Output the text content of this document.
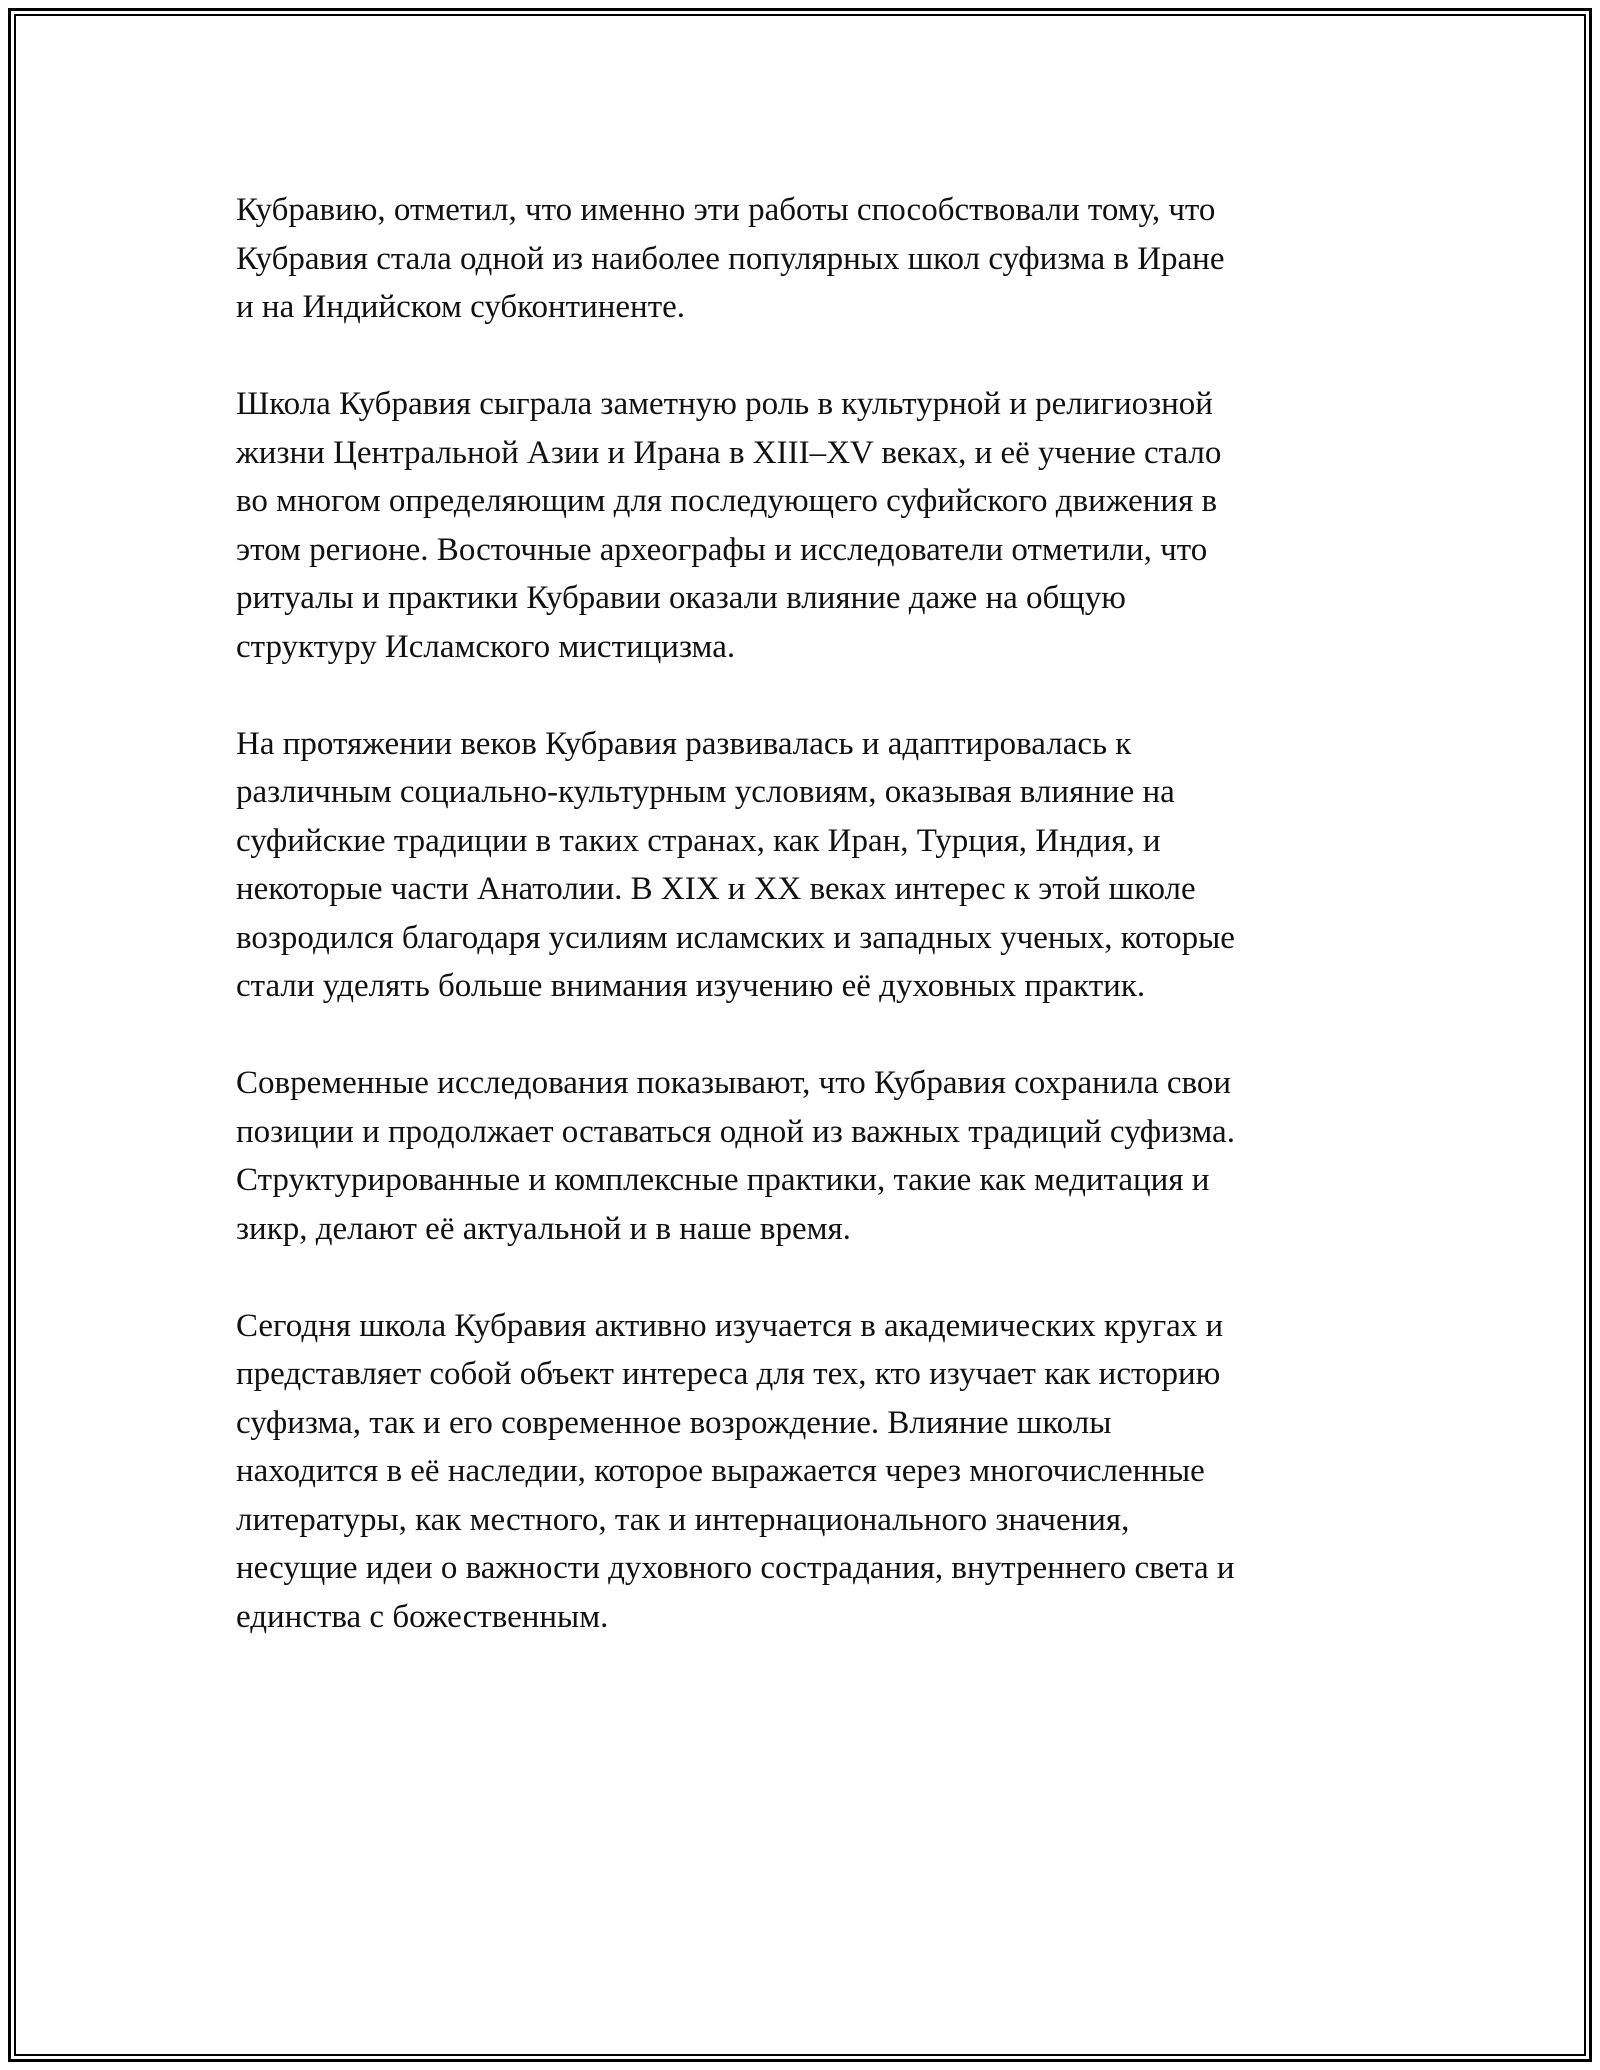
Кубравию, отметил, что именно эти работы способствовали тому, что
Кубравия стала одной из наиболее популярных школ суфизма в Иране
и на Индийском субконтиненте.

Школа Кубравия сыграла заметную роль в культурной и религиозной
жизни Центральной Азии и Ирана в XIII–XV веках, и её учение стало
во многом определяющим для последующего суфийского движения в
этом регионе. Восточные археографы и исследователи отметили, что
ритуалы и практики Кубравии оказали влияние даже на общую
структуру Исламского мистицизма.

На протяжении веков Кубравия развивалась и адаптировалась к
различным социально-культурным условиям, оказывая влияние на
суфийские традиции в таких странах, как Иран, Турция, Индия, и
некоторые части Анатолии. В XIX и XX веках интерес к этой школе
возродился благодаря усилиям исламских и западных ученых, которые
стали уделять больше внимания изучению её духовных практик.

Современные исследования показывают, что Кубравия сохранила свои
позиции и продолжает оставаться одной из важных традиций суфизма.
Структурированные и комплексные практики, такие как медитация и
зикр, делают её актуальной и в наше время.

Сегодня школа Кубравия активно изучается в академических кругах и
представляет собой объект интереса для тех, кто изучает как историю
суфизма, так и его современное возрождение. Влияние школы
находится в её наследии, которое выражается через многочисленные
литературы, как местного, так и интернационального значения,
несущие идеи о важности духовного сострадания, внутреннего света и
единства с божественным.
